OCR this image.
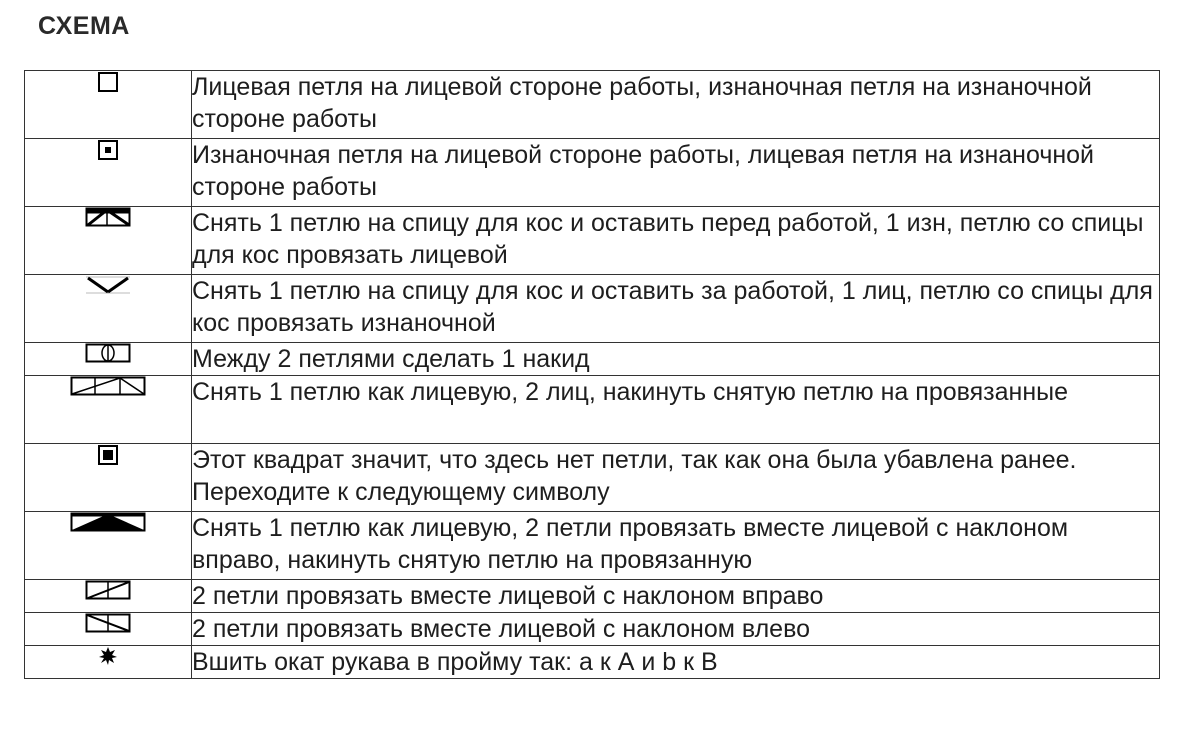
СХЕМА
	Лицевая петля на лицевой стороне работы, изнаночная петля на изнаночной стороне работы
	Изнаночная петля на лицевой стороне работы, лицевая петля на изнаночной стороне работы
	Снять 1 петлю на спицу для кос и оставить перед работой, 1 изн, петлю со спицы для кос провязать лицевой
	Снять 1 петлю на спицу для кос и оставить за работой, 1 лиц, петлю со спицы для кос провязать изнаночной
	Между 2 петлями сделать 1 накид
	Снять 1 петлю как лицевую, 2 лиц, накинуть снятую петлю на провязанные
	Этот квадрат значит, что здесь нет петли, так как она была убавлена ранее. Переходите к следующему символу
	Снять 1 петлю как лицевую, 2 петли провязать вместе лицевой с наклоном вправо, накинуть снятую петлю на провязанную
	2 петли провязать вместе лицевой с наклоном вправо
	2 петли провязать вместе лицевой с наклоном влево
	Вшить окат рукава в пройму так: а к А и b к В
